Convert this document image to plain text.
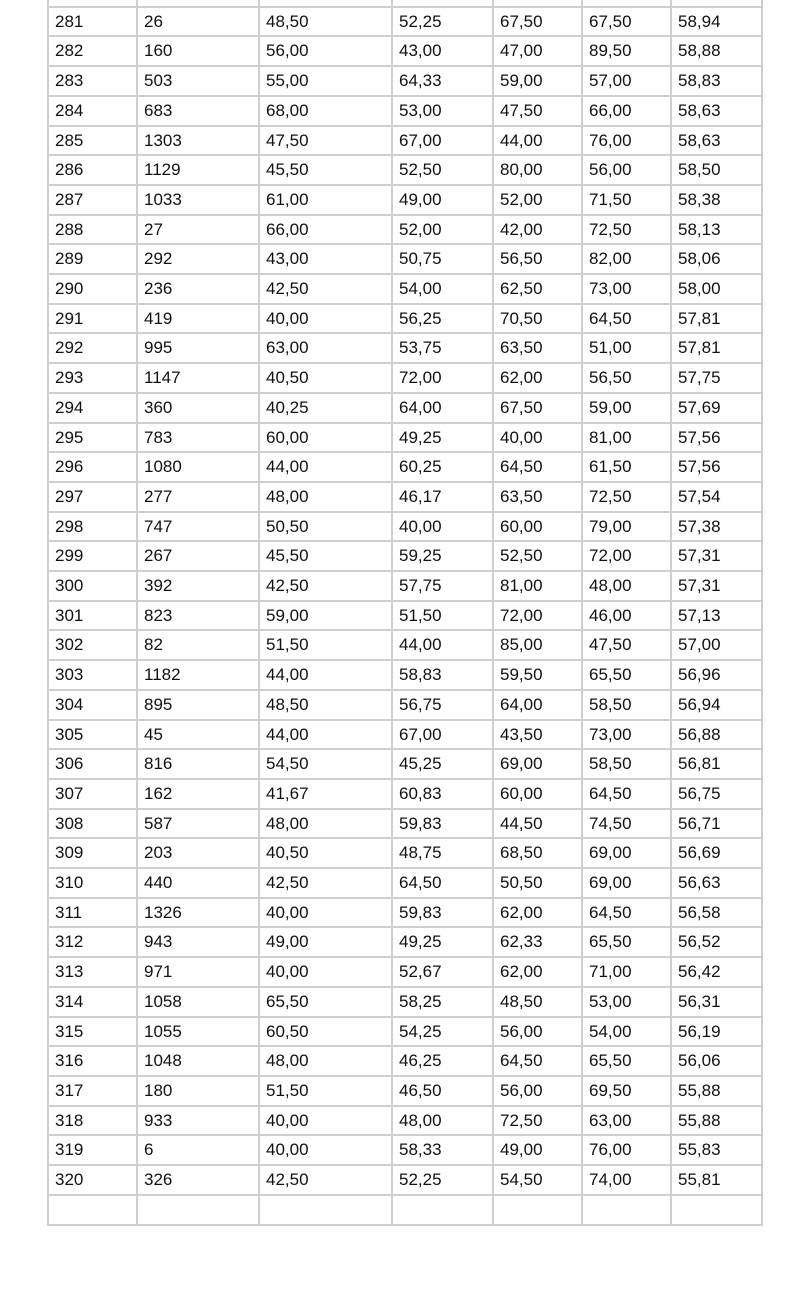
281	26	48,50	52,25	67,50	67,50	58,94
282	160	56,00	43,00	47,00	89,50	58,88
283	503	55,00	64,33	59,00	57,00	58,83
284	683	68,00	53,00	47,50	66,00	58,63
285	1303	47,50	67,00	44,00	76,00	58,63
286	1129	45,50	52,50	80,00	56,00	58,50
287	1033	61,00	49,00	52,00	71,50	58,38
288	27	66,00	52,00	42,00	72,50	58,13
289	292	43,00	50,75	56,50	82,00	58,06
290	236	42,50	54,00	62,50	73,00	58,00
291	419	40,00	56,25	70,50	64,50	57,81
292	995	63,00	53,75	63,50	51,00	57,81
293	1147	40,50	72,00	62,00	56,50	57,75
294	360	40,25	64,00	67,50	59,00	57,69
295	783	60,00	49,25	40,00	81,00	57,56
296	1080	44,00	60,25	64,50	61,50	57,56
297	277	48,00	46,17	63,50	72,50	57,54
298	747	50,50	40,00	60,00	79,00	57,38
299	267	45,50	59,25	52,50	72,00	57,31
300	392	42,50	57,75	81,00	48,00	57,31
301	823	59,00	51,50	72,00	46,00	57,13
302	82	51,50	44,00	85,00	47,50	57,00
303	1182	44,00	58,83	59,50	65,50	56,96
304	895	48,50	56,75	64,00	58,50	56,94
305	45	44,00	67,00	43,50	73,00	56,88
306	816	54,50	45,25	69,00	58,50	56,81
307	162	41,67	60,83	60,00	64,50	56,75
308	587	48,00	59,83	44,50	74,50	56,71
309	203	40,50	48,75	68,50	69,00	56,69
310	440	42,50	64,50	50,50	69,00	56,63
311	1326	40,00	59,83	62,00	64,50	56,58
312	943	49,00	49,25	62,33	65,50	56,52
313	971	40,00	52,67	62,00	71,00	56,42
314	1058	65,50	58,25	48,50	53,00	56,31
315	1055	60,50	54,25	56,00	54,00	56,19
316	1048	48,00	46,25	64,50	65,50	56,06
317	180	51,50	46,50	56,00	69,50	55,88
318	933	40,00	48,00	72,50	63,00	55,88
319	6	40,00	58,33	49,00	76,00	55,83
320	326	42,50	52,25	54,50	74,00	55,81
